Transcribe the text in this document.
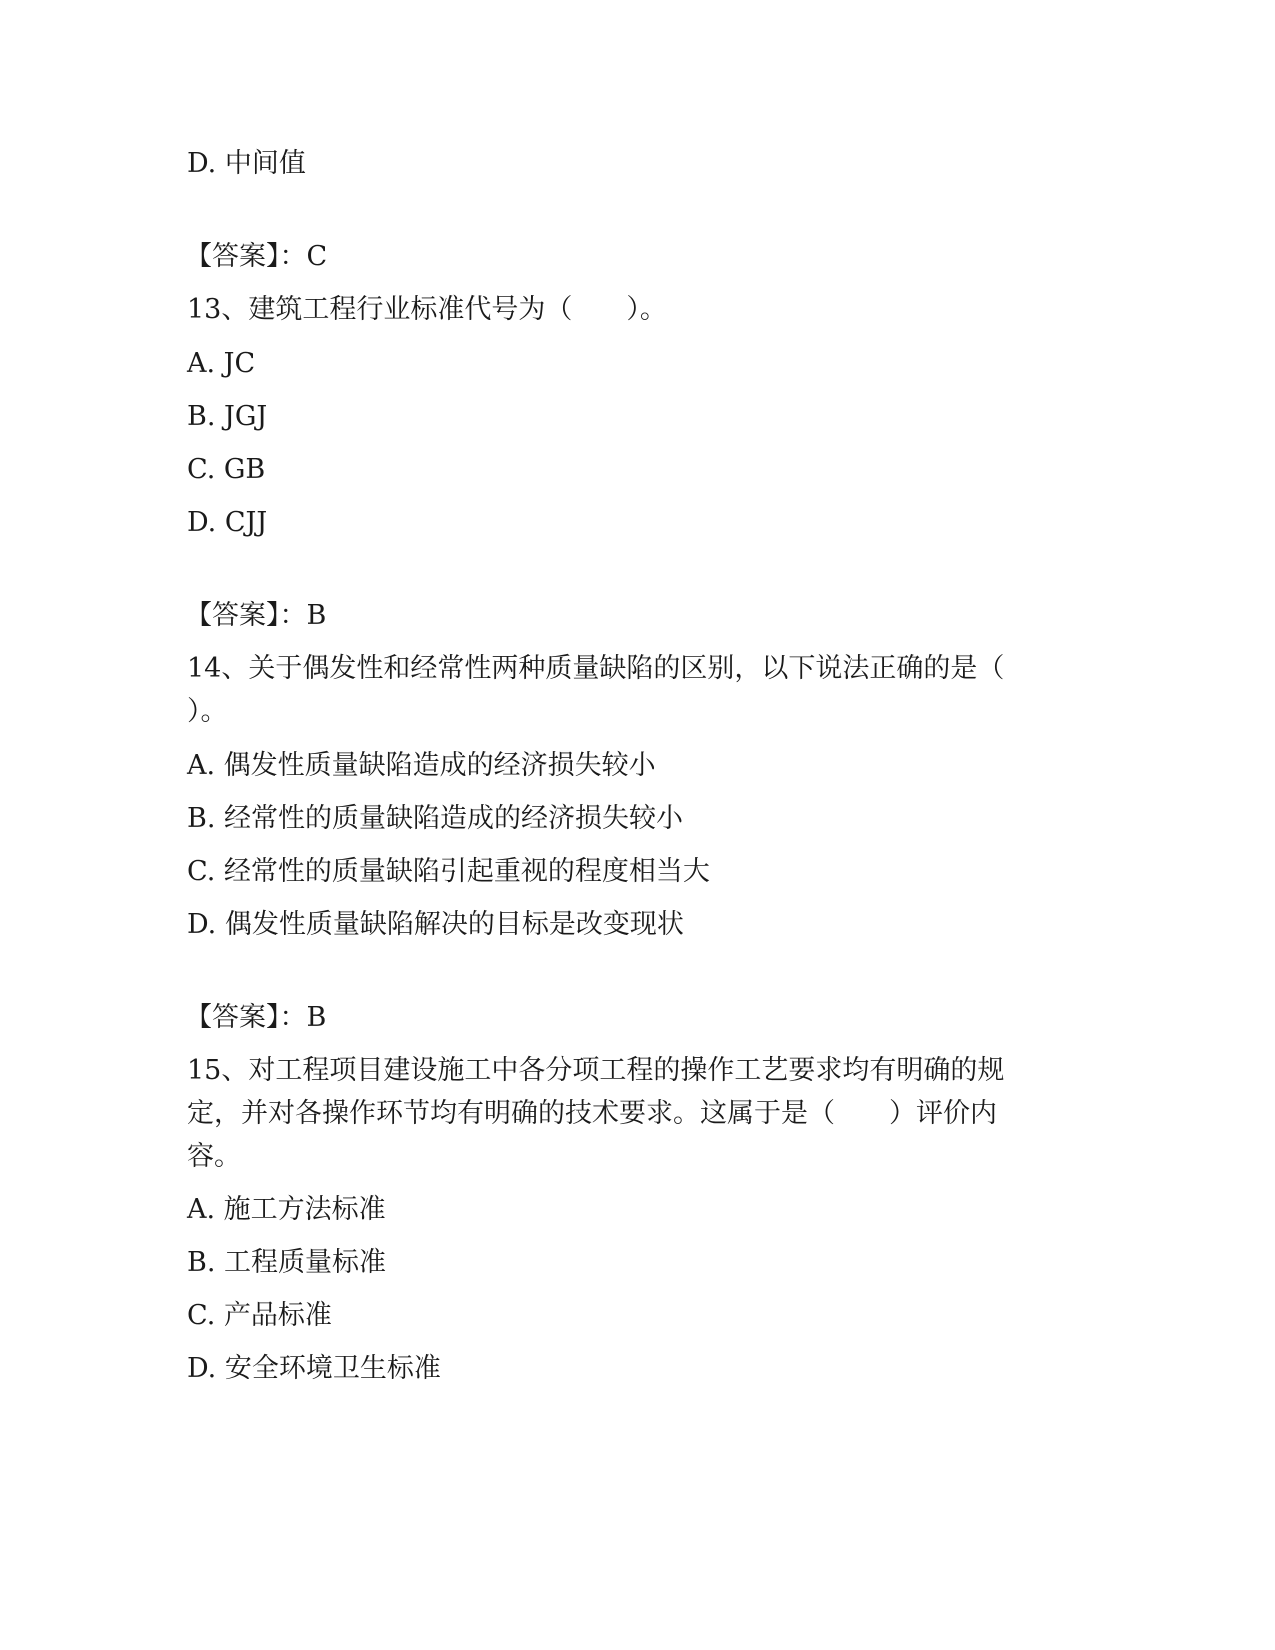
D. 中间值
【答案】：C
13、建筑工程行业标准代号为（　　）。
A. JC
B. JGJ
C. GB
D. CJJ
【答案】：B
14、关于偶发性和经常性两种质量缺陷的区别，以下说法正确的是（
）。
A. 偶发性质量缺陷造成的经济损失较小
B. 经常性的质量缺陷造成的经济损失较小
C. 经常性的质量缺陷引起重视的程度相当大
D. 偶发性质量缺陷解决的目标是改变现状
【答案】：B
15、对工程项目建设施工中各分项工程的操作工艺要求均有明确的规
定，并对各操作环节均有明确的技术要求。这属于是（　　）评价内
容。
A. 施工方法标准
B. 工程质量标准
C. 产品标准
D. 安全环境卫生标准
